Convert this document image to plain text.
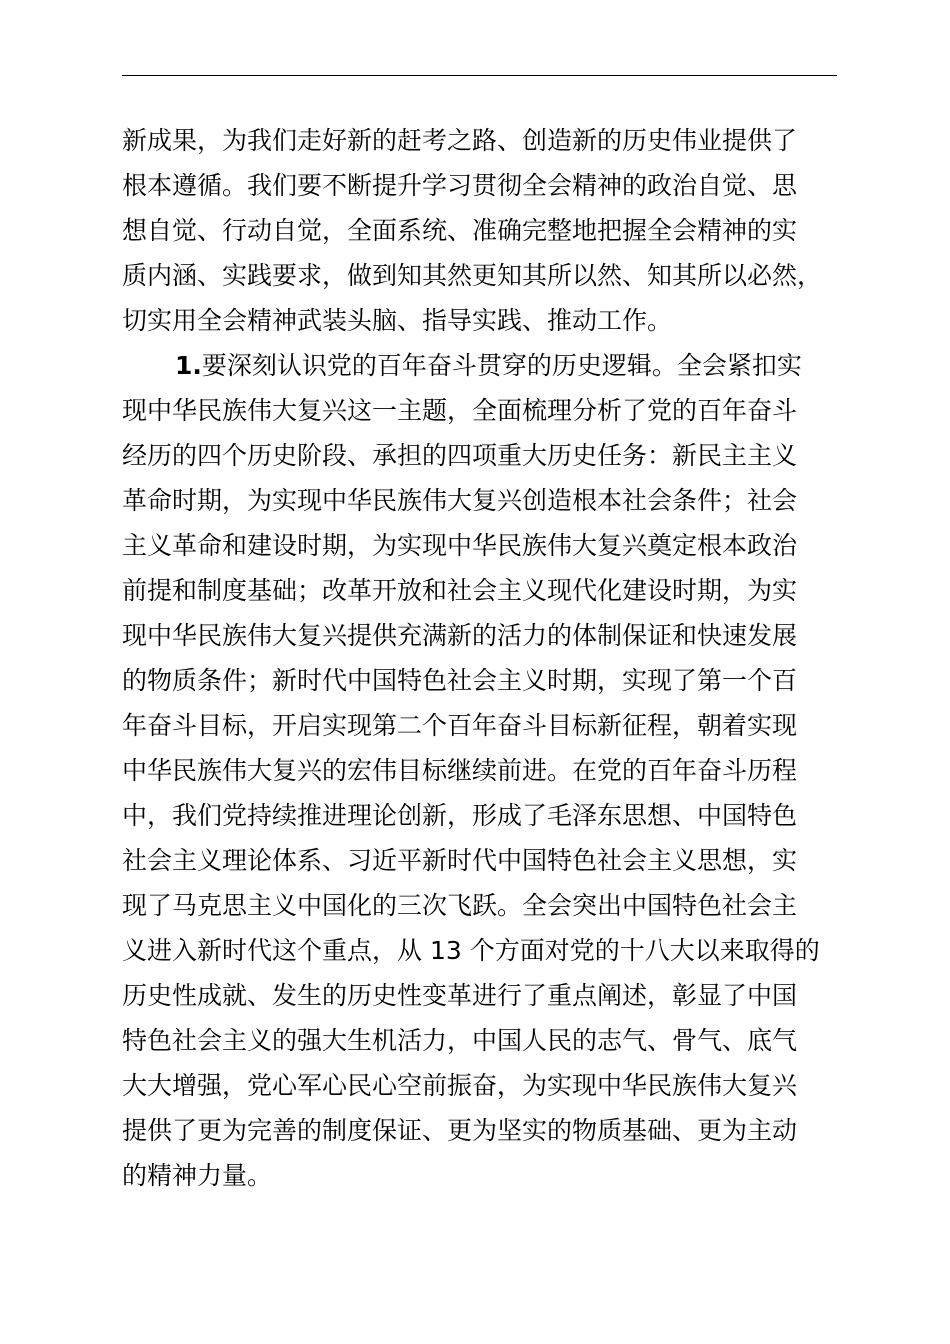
新成果，为我们走好新的赶考之路、创造新的历史伟业提供了
根本遵循。我们要不断提升学习贯彻全会精神的政治自觉、思
想自觉、行动自觉，全面系统、准确完整地把握全会精神的实
质内涵、实践要求，做到知其然更知其所以然、知其所以必然，
切实用全会精神武装头脑、指导实践、推动工作。
1.要深刻认识党的百年奋斗贯穿的历史逻辑。全会紧扣实
现中华民族伟大复兴这一主题，全面梳理分析了党的百年奋斗
经历的四个历史阶段、承担的四项重大历史任务：新民主主义
革命时期，为实现中华民族伟大复兴创造根本社会条件；社会
主义革命和建设时期，为实现中华民族伟大复兴奠定根本政治
前提和制度基础；改革开放和社会主义现代化建设时期，为实
现中华民族伟大复兴提供充满新的活力的体制保证和快速发展
的物质条件；新时代中国特色社会主义时期，实现了第一个百
年奋斗目标，开启实现第二个百年奋斗目标新征程，朝着实现
中华民族伟大复兴的宏伟目标继续前进。在党的百年奋斗历程
中，我们党持续推进理论创新，形成了毛泽东思想、中国特色
社会主义理论体系、习近平新时代中国特色社会主义思想，实
现了马克思主义中国化的三次飞跃。全会突出中国特色社会主
义进入新时代这个重点，从 13 个方面对党的十八大以来取得的
历史性成就、发生的历史性变革进行了重点阐述，彰显了中国
特色社会主义的强大生机活力，中国人民的志气、骨气、底气
大大增强，党心军心民心空前振奋，为实现中华民族伟大复兴
提供了更为完善的制度保证、更为坚实的物质基础、更为主动
的精神力量。
